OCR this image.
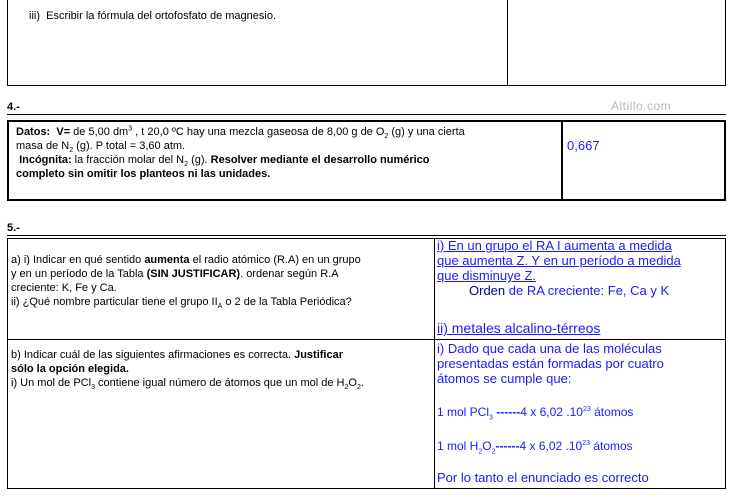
iii) Escribir la fórmula del ortofosfato de magnesio.
4.-	Altillo.com
Datos: V= de 5,00 $dm^3$ , t 20,0 ºC hay una mezcla gaseosa de 8,00 g de $O_2$ (g) y una cierta
masa de $N_2$ (g). P total = 3,60 atm.
Incógnita: la fracción molar del $N_2$ (g). Resolver mediante el desarrollo numérico
completo sin omitir los planteos ni las unidades.
0,667
5.-
a) i) Indicar en qué sentido aumenta el radio atómico (R.A) en un grupo
y en un período de la Tabla (SIN JUSTIFICAR). ordenar según R.A
creciente: K, Fe y Ca.
ii) ¿Qué nombre particular tiene el grupo $II_A$ o 2 de la Tabla Periódica?
i) En un grupo el RA I aumenta a medida
que aumenta Z. Y en un período a medida
que disminuye Z.
Orden de RA creciente: Fe, Ca y K
ii) metales alcalino-térreos
b) Indicar cuál de las siguientes afirmaciones es correcta. Justificar
sólo la opción elegida.
i) Un mol de PCl$_3$ contiene igual número de átomos que un mol de $H_2O_2$.
i) Dado que cada una de las moléculas
presentadas están formadas por cuatro
átomos se cumple que:
1 mol PCl$_3$ ------4 x 6,02 $.10^{23}$ átomos
1 mol $H_2O_2------4$ x 6,02 $.10^{23}$ átomos
Por lo tanto el enunciado es correcto
